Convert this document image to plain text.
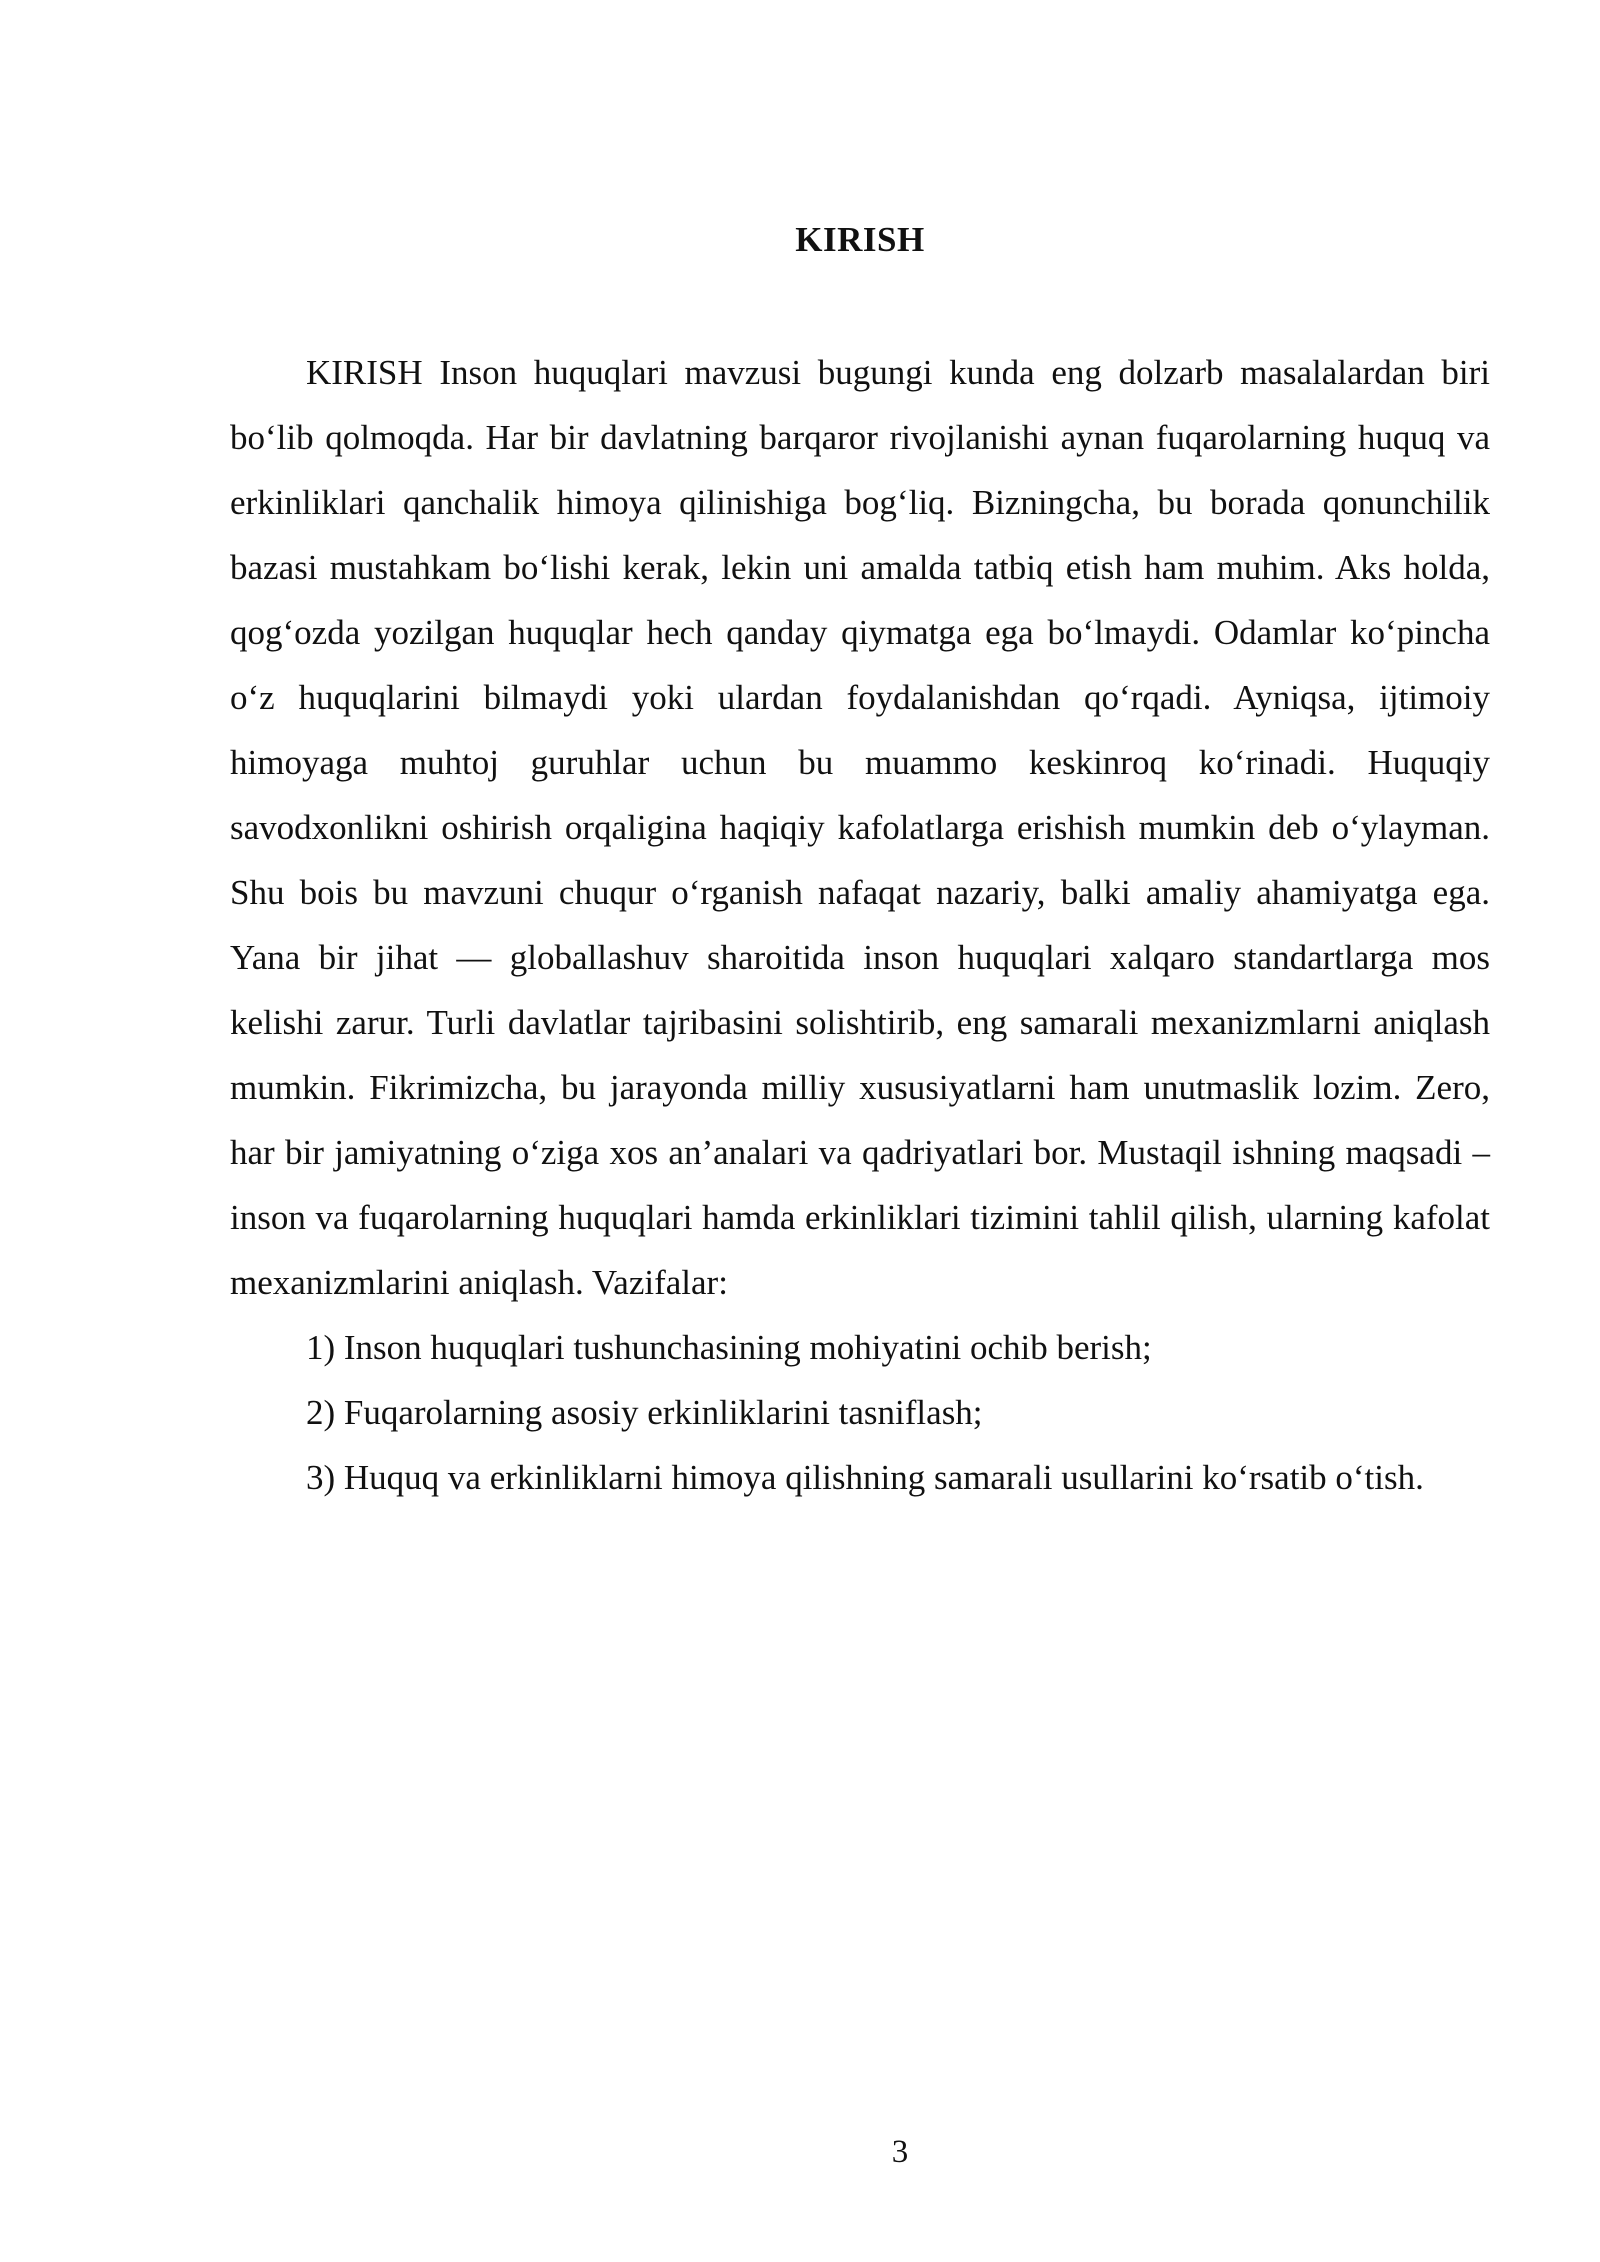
KIRISH

KIRISH Inson huquqlari mavzusi bugungi kunda eng dolzarb masalalardan biri bo‘lib qolmoqda. Har bir davlatning barqaror rivojlanishi aynan fuqarolarning huquq va erkinliklari qanchalik himoya qilinishiga bog‘liq. Bizningcha, bu borada qonunchilik bazasi mustahkam bo‘lishi kerak, lekin uni amalda tatbiq etish ham muhim. Aks holda, qog‘ozda yozilgan huquqlar hech qanday qiymatga ega bo‘lmaydi. Odamlar ko‘pincha o‘z huquqlarini bilmaydi yoki ulardan foydalanishdan qo‘rqadi. Ayniqsa, ijtimoiy himoyaga muhtoj guruhlar uchun bu muammo keskinroq ko‘rinadi. Huquqiy savodxonlikni oshirish orqaligina haqiqiy kafolatlarga erishish mumkin deb o‘ylayman. Shu bois bu mavzuni chuqur o‘rganish nafaqat nazariy, balki amaliy ahamiyatga ega. Yana bir jihat — globallashuv sharoitida inson huquqlari xalqaro standartlarga mos kelishi zarur. Turli davlatlar tajribasini solishtirib, eng samarali mexanizmlarni aniqlash mumkin. Fikrimizcha, bu jarayonda milliy xususiyatlarni ham unutmaslik lozim. Zero, har bir jamiyatning o‘ziga xos an’analari va qadriyatlari bor. Mustaqil ishning maqsadi – inson va fuqarolarning huquqlari hamda erkinliklari tizimini tahlil qilish, ularning kafolat mexanizmlarini aniqlash. Vazifalar:

1) Inson huquqlari tushunchasining mohiyatini ochib berish;

2) Fuqarolarning asosiy erkinliklarini tasniflash;

3) Huquq va erkinliklarni himoya qilishning samarali usullarini ko‘rsatib o‘tish.

3
